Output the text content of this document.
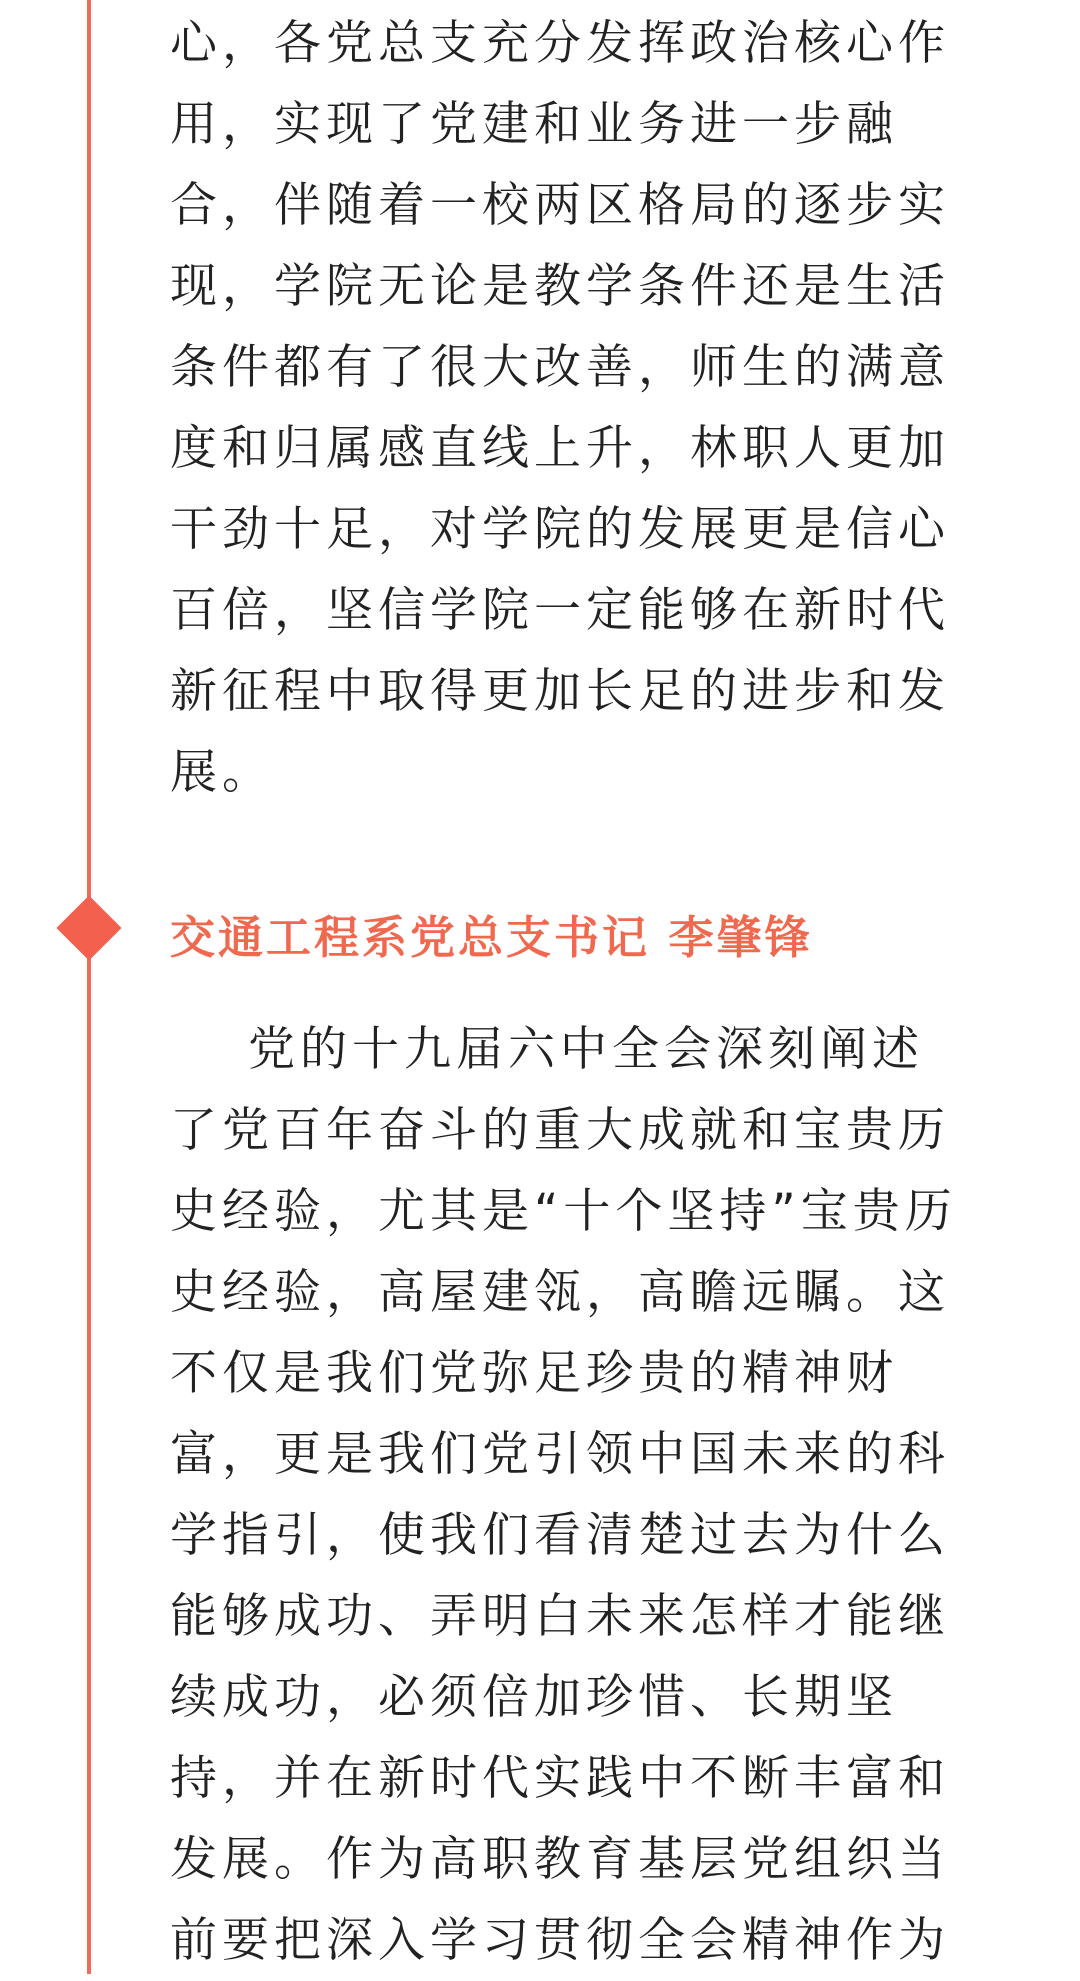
心，各党总支充分发挥政治核心作
用，实现了党建和业务进一步融
合，伴随着一校两区格局的逐步实
现，学院无论是教学条件还是生活
条件都有了很大改善，师生的满意
度和归属感直线上升，林职人更加
干劲十足，对学院的发展更是信心
百倍，坚信学院一定能够在新时代
新征程中取得更加长足的进步和发
展。
交通工程系党总支书记 李肇锋
党的十九届六中全会深刻阐述
了党百年奋斗的重大成就和宝贵历
史经验，尤其是“十个坚持”宝贵历
史经验，高屋建瓴，高瞻远瞩。这
不仅是我们党弥足珍贵的精神财
富，更是我们党引领中国未来的科
学指引，使我们看清楚过去为什么
能够成功、弄明白未来怎样才能继
续成功，必须倍加珍惜、长期坚
持，并在新时代实践中不断丰富和
发展。作为高职教育基层党组织当
前要把深入学习贯彻全会精神作为
